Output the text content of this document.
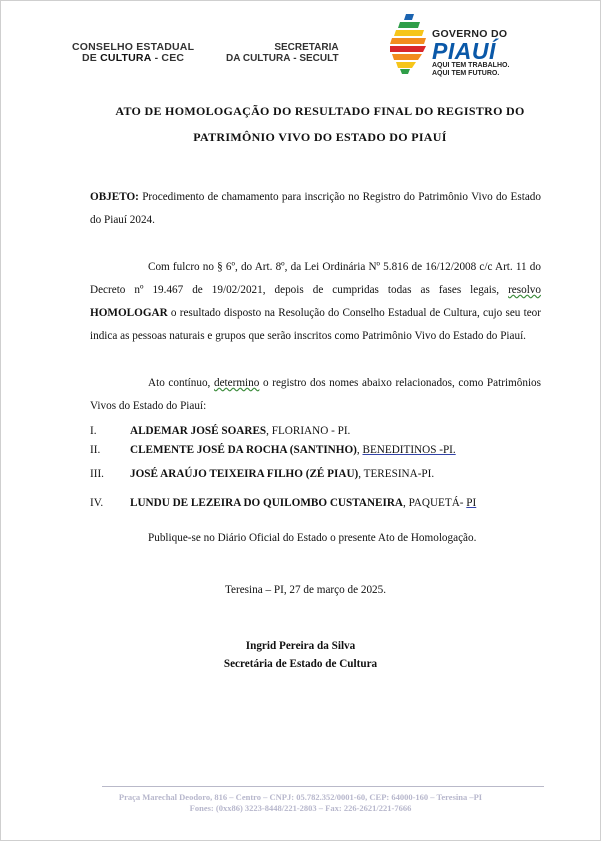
CONSELHO ESTADUAL
DE CULTURA - CEC
SECRETARIA
DA CULTURA - SECULT
GOVERNO DO
PIAUÍ
AQUI TEM TRABALHO.
AQUI TEM FUTURO.
ATO DE HOMOLOGAÇÃO DO RESULTADO FINAL DO REGISTRO DO
PATRIMÔNIO VIVO DO ESTADO DO PIAUÍ
OBJETO: Procedimento de chamamento para inscrição no Registro do Patrimônio Vivo do Estado do Piauí 2024.
Com fulcro no § 6º, do Art. 8º, da Lei Ordinária Nº 5.816 de 16/12/2008 c/c Art. 11 do Decreto nº 19.467 de 19/02/2021, depois de cumpridas todas as fases legais, resolvo HOMOLOGAR o resultado disposto na Resolução do Conselho Estadual de Cultura, cujo seu teor indica as pessoas naturais e grupos que serão inscritos como Patrimônio Vivo do Estado do Piauí.
Ato contínuo, determino o registro dos nomes abaixo relacionados, como Patrimônios Vivos do Estado do Piauí:
I.	ALDEMAR JOSÉ SOARES, FLORIANO - PI.
II.	CLEMENTE JOSÉ DA ROCHA (SANTINHO), BENEDITINOS -PI.
III. JOSÉ ARAÚJO TEIXEIRA FILHO (ZÉ PIAU), TERESINA-PI.
IV. LUNDU DE LEZEIRA DO QUILOMBO CUSTANEIRA, PAQUETÁ- PI
Publique-se no Diário Oficial do Estado o presente Ato de Homologação.
Teresina – PI, 27 de março de 2025.
Ingrid Pereira da Silva
Secretária de Estado de Cultura
Praça Marechal Deodoro, 816 – Centro – CNPJ: 05.782.352/0001-60, CEP: 64000-160 – Teresina –PI
Fones: (0xx86) 3223-8448/221-2803 – Fax: 226-2621/221-7666
